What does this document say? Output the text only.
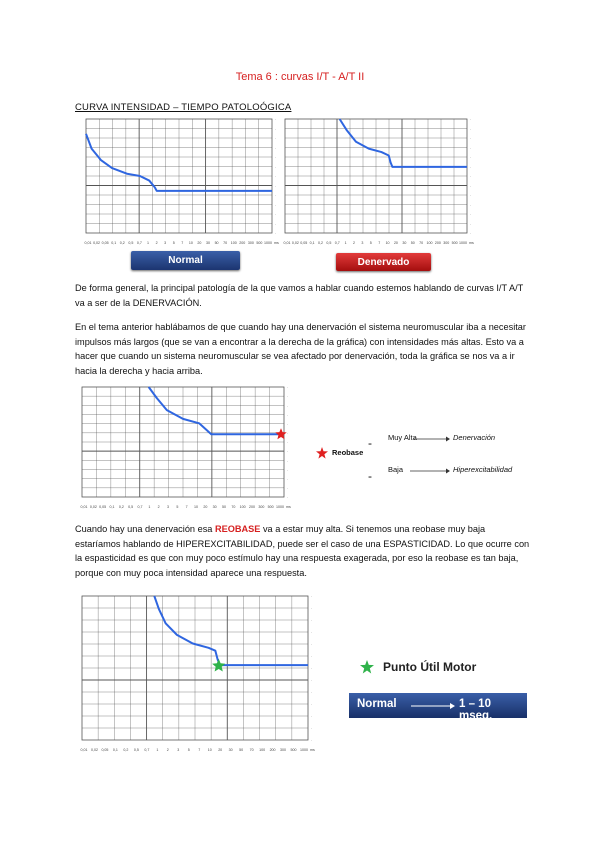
Tema 6 : curvas I/T - A/T II
CURVA INTENSIDAD – TIEMPO PATOLOÓGICA
·
·
·
·
·
·
·
·
·
·
·
·
·
0,01 0,02 0,05 0,1 0,2 0,5 0,7 1 2 3 5 7 10 20 30 50 70 100 200 300 500 1000 ms
·
·
·
·
·
·
·
·
·
·
·
·
·
0,01 0,02 0,05 0,1 0,2 0,5 0,7 1 2 3 5 7 10 20 30 50 70 100 200 300 500 1000 ms
Normal	Denervado
De forma general, la principal patología de la que vamos a hablar cuando estemos hablando de curvas I/T A/T va a ser de la DENERVACIÓN.
En el tema anterior hablábamos de que cuando hay una denervación el sistema neuromuscular iba a necesitar impulsos más largos (que se van a encontrar a la derecha de la gráfica) con intensidades más altas. Esto va a hacer que cuando un sistema neuromuscular se vea afectado por denervación, toda la gráfica se nos va a ir hacia la derecha y hacia arriba.
·
·
·
·
·
·
·
·
·
·
·
·
·
0,01 0,02 0,05 0,1 0,2 0,5 0,7 1 2 3 5 7 10 20 30 50 70 100 200 300 500 1000 ms
Reobase
-
-
Muy Alta	Denervación
Baja	Hiperexcitabilidad
Cuando hay una denervación esa REOBASE va a estar muy alta. Si tenemos una reobase muy baja estaríamos hablando de HIPEREXCITABILIDAD, puede ser el caso de una ESPASTICIDAD. Lo que ocurre con la espasticidad es que con muy poco estímulo hay una respuesta exagerada, por eso la reobase es tan baja, porque con muy poca intensidad aparece una respuesta.
·
·
·
·
·
·
·
·
·
·
·
·
·
0,01 0,02 0,05 0,1 0,2 0,5 0,7 1 2 3 5 7 10 20 30 50 70 100 200 300 500 1000 ms
Punto Útil Motor
Normal	1 – 10 mseg.
